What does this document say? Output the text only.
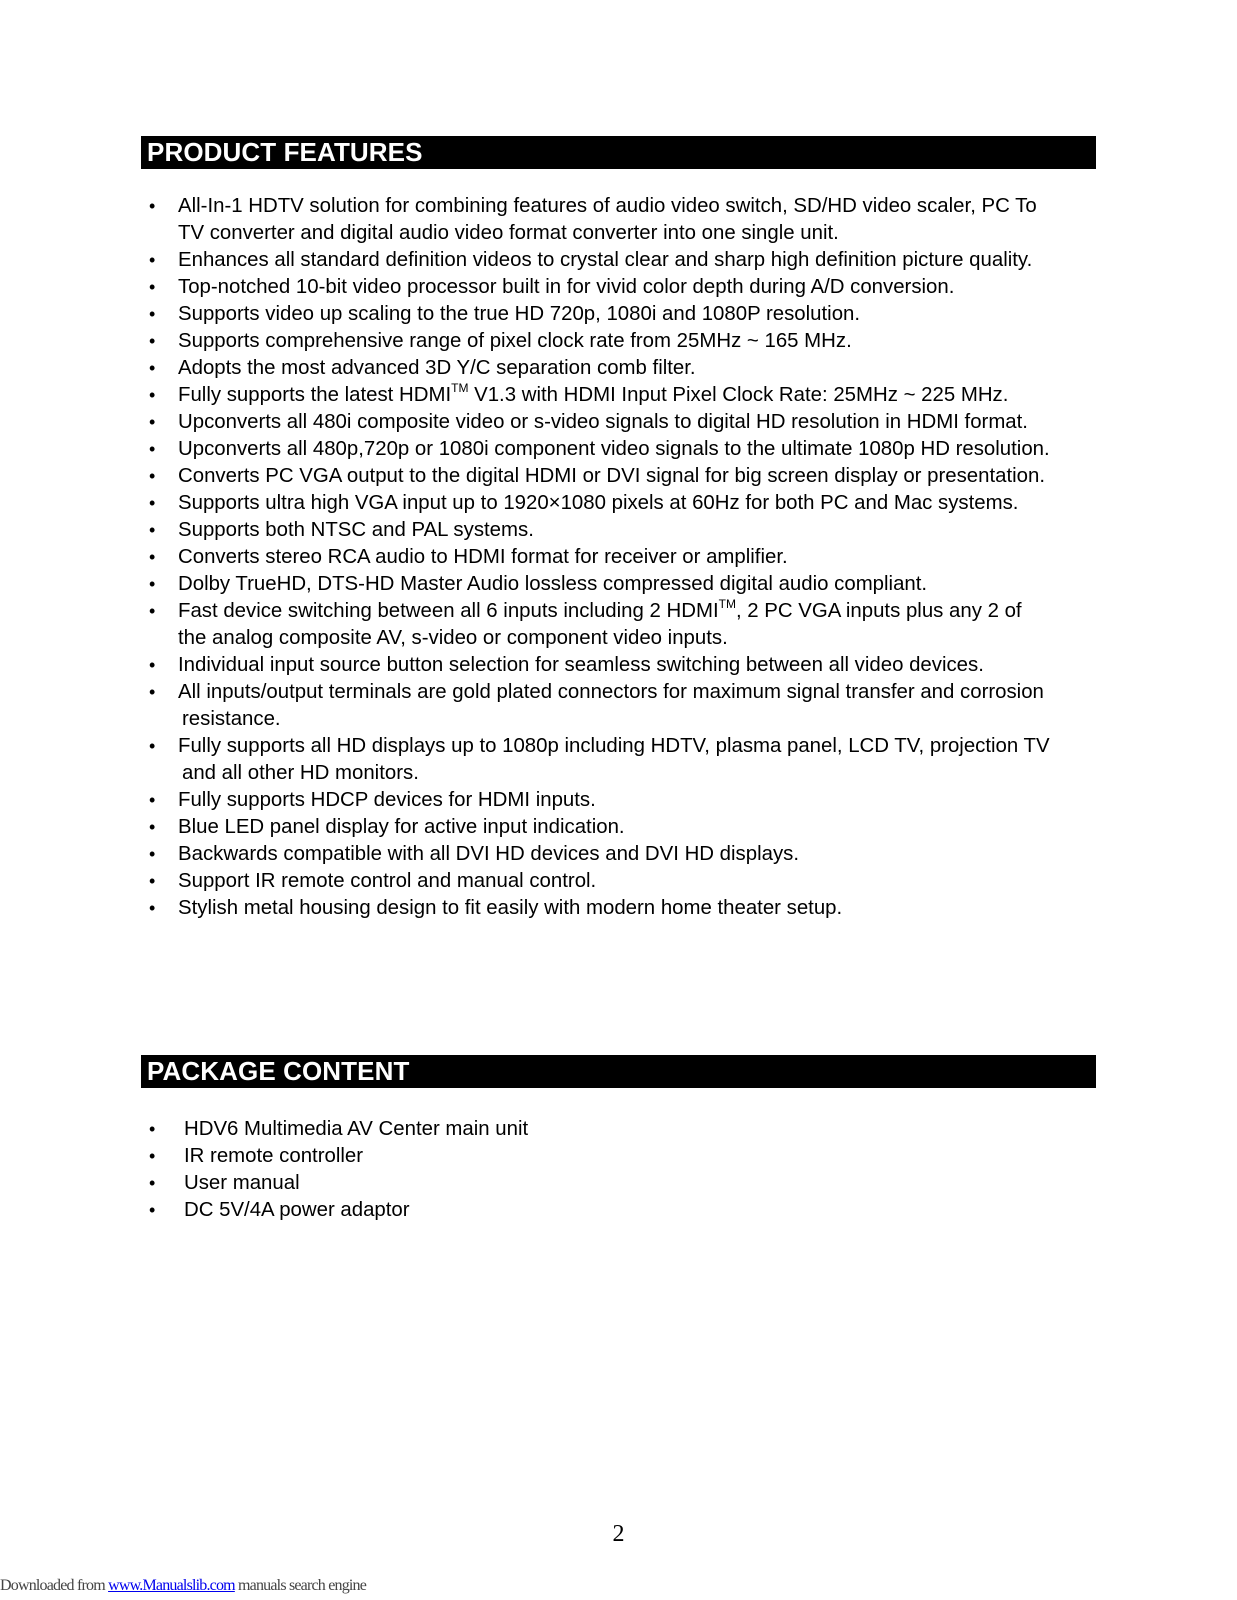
PRODUCT FEATURES
• All-In-1 HDTV solution for combining features of audio video switch, SD/HD video scaler, PC To
TV converter and digital audio video format converter into one single unit.
• Enhances all standard definition videos to crystal clear and sharp high definition picture quality.
• Top-notched 10-bit video processor built in for vivid color depth during A/D conversion.
• Supports video up scaling to the true HD 720p, 1080i and 1080P resolution.
• Supports comprehensive range of pixel clock rate from 25MHz ~ 165 MHz.
• Adopts the most advanced 3D Y/C separation comb filter.
• Fully supports the latest HDMI™ V1.3 with HDMI Input Pixel Clock Rate: 25MHz ~ 225 MHz.
• Upconverts all 480i composite video or s-video signals to digital HD resolution in HDMI format.
• Upconverts all 480p,720p or 1080i component video signals to the ultimate 1080p HD resolution.
• Converts PC VGA output to the digital HDMI or DVI signal for big screen display or presentation.
• Supports ultra high VGA input up to 1920×1080 pixels at 60Hz for both PC and Mac systems.
• Supports both NTSC and PAL systems.
• Converts stereo RCA audio to HDMI format for receiver or amplifier.
• Dolby TrueHD, DTS-HD Master Audio lossless compressed digital audio compliant.
• Fast device switching between all 6 inputs including 2 HDMI™, 2 PC VGA inputs plus any 2 of
the analog composite AV, s-video or component video inputs.
• Individual input source button selection for seamless switching between all video devices.
• All inputs/output terminals are gold plated connectors for maximum signal transfer and corrosion
resistance.
• Fully supports all HD displays up to 1080p including HDTV, plasma panel, LCD TV, projection TV
and all other HD monitors.
• Fully supports HDCP devices for HDMI inputs.
• Blue LED panel display for active input indication.
• Backwards compatible with all DVI HD devices and DVI HD displays.
• Support IR remote control and manual control.
• Stylish metal housing design to fit easily with modern home theater setup.
PACKAGE CONTENT
• HDV6 Multimedia AV Center main unit
• IR remote controller
• User manual
• DC 5V/4A power adaptor
2
Downloaded from www.Manualslib.com manuals search engine
